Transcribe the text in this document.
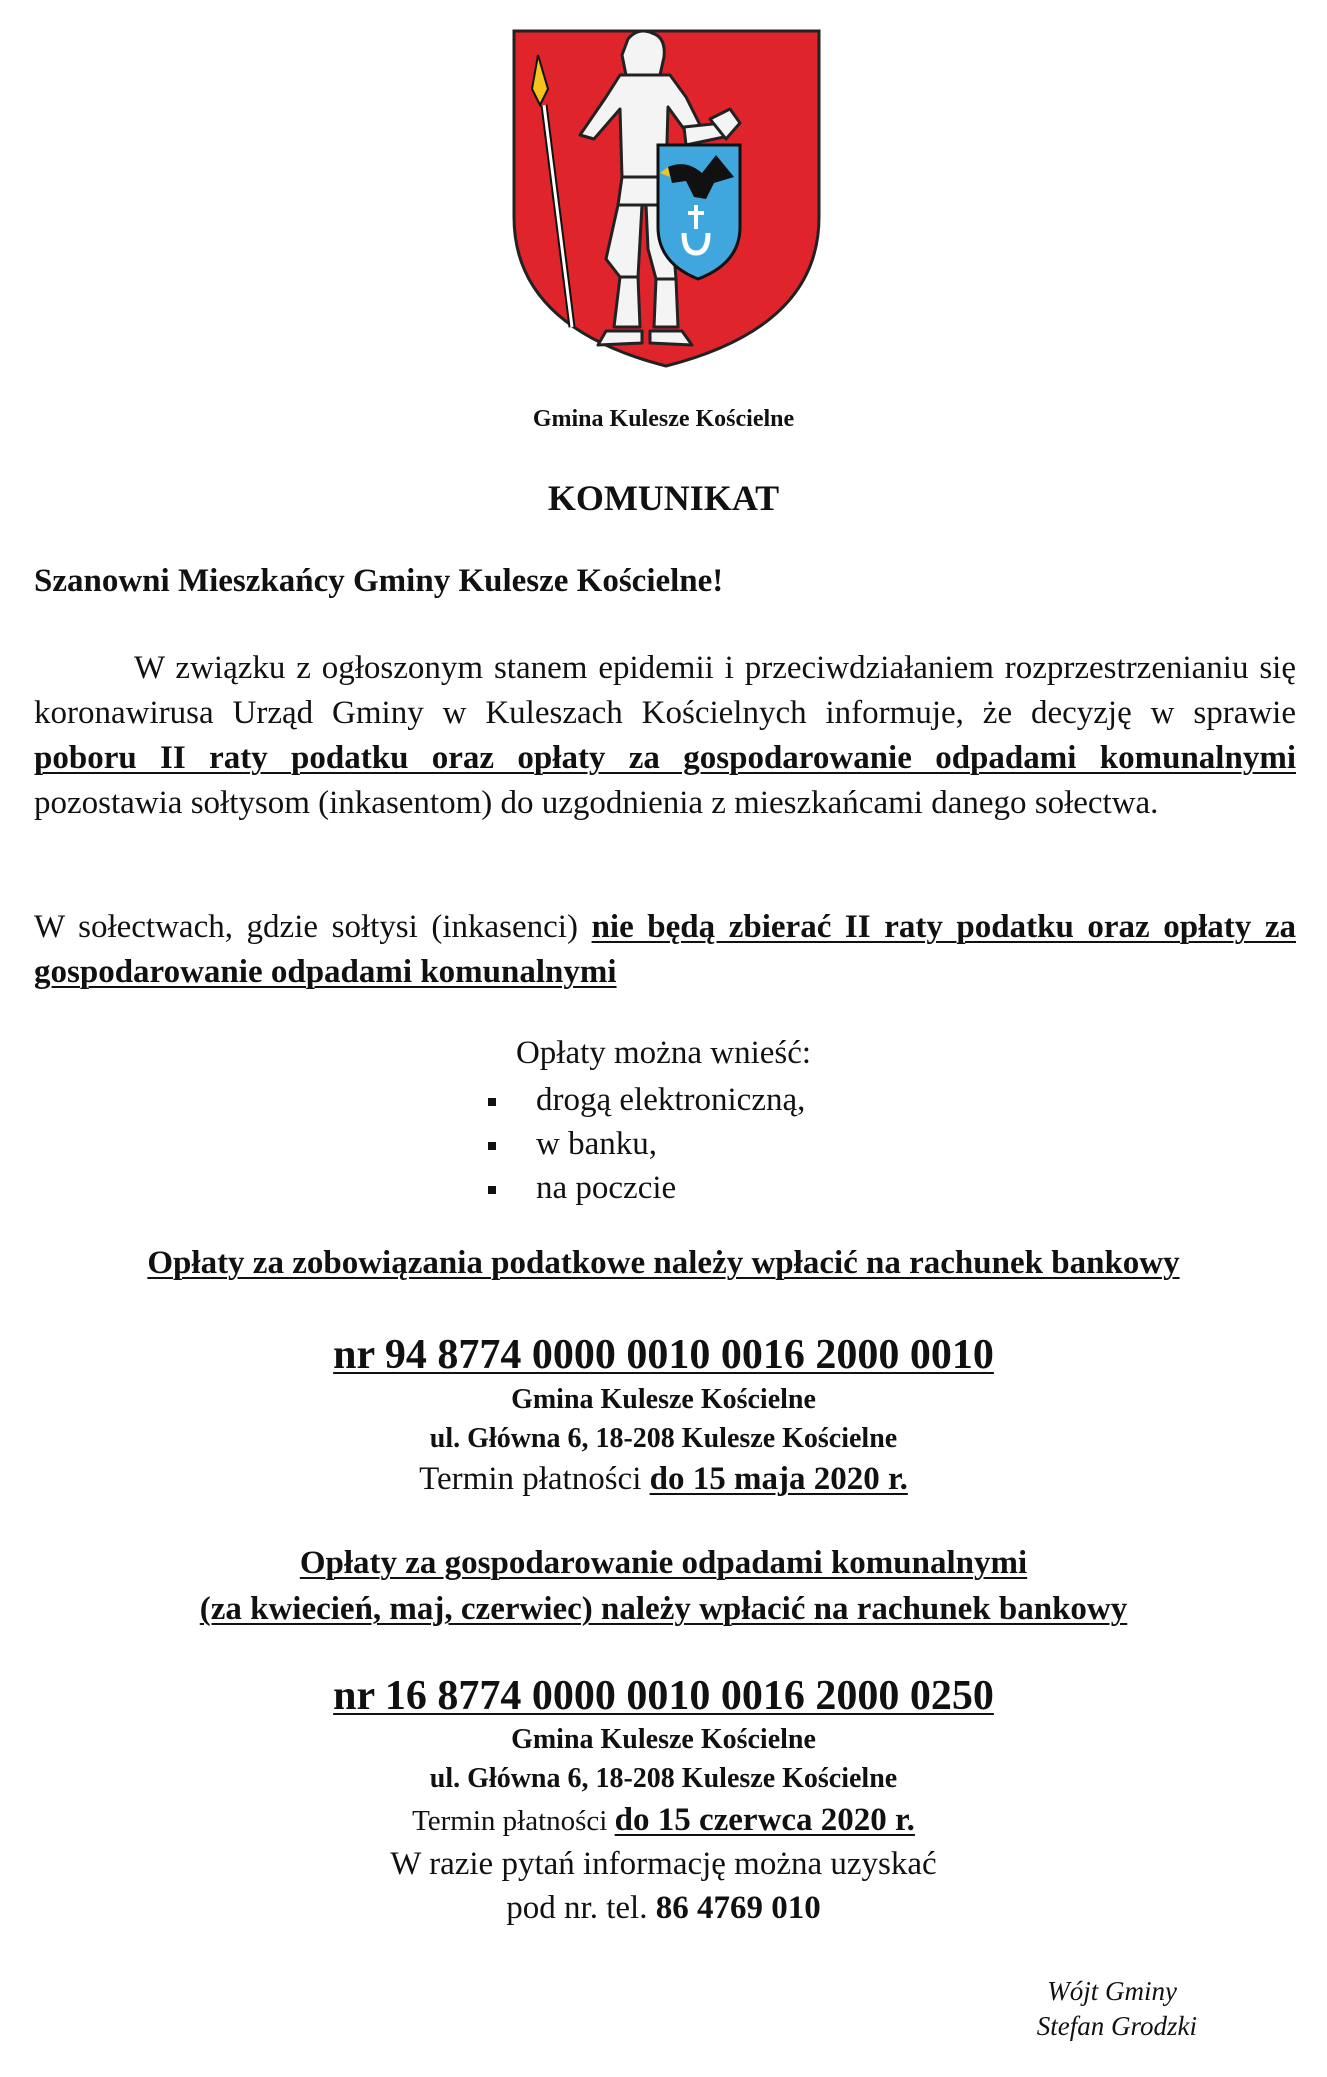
Gmina Kulesze Kościelne
KOMUNIKAT
Szanowni Mieszkańcy Gminy Kulesze Kościelne!
W związku z ogłoszonym stanem epidemii i przeciwdziałaniem rozprzestrzenianiu się koronawirusa Urząd Gminy w Kuleszach Kościelnych informuje, że decyzję w sprawie poboru II raty podatku oraz opłaty za gospodarowanie odpadami komunalnymi pozostawia sołtysom (inkasentom) do uzgodnienia z mieszkańcami danego sołectwa.
W sołectwach, gdzie sołtysi (inkasenci) nie będą zbierać II raty podatku oraz opłaty za gospodarowanie odpadami komunalnymi
Opłaty można wnieść:
drogą elektroniczną,
w banku,
na poczcie
Opłaty za zobowiązania podatkowe należy wpłacić na rachunek bankowy
nr 94 8774 0000 0010 0016 2000 0010
Gmina Kulesze Kościelne
ul. Główna 6, 18-208 Kulesze Kościelne
Termin płatności do 15 maja 2020 r.
Opłaty za gospodarowanie odpadami komunalnymi
(za kwiecień, maj, czerwiec) należy wpłacić na rachunek bankowy
nr 16 8774 0000 0010 0016 2000 0250
Gmina Kulesze Kościelne
ul. Główna 6, 18-208 Kulesze Kościelne
Termin płatności do 15 czerwca 2020 r.
W razie pytań informację można uzyskać
pod nr. tel. 86 4769 010
Wójt Gminy
Stefan Grodzki
